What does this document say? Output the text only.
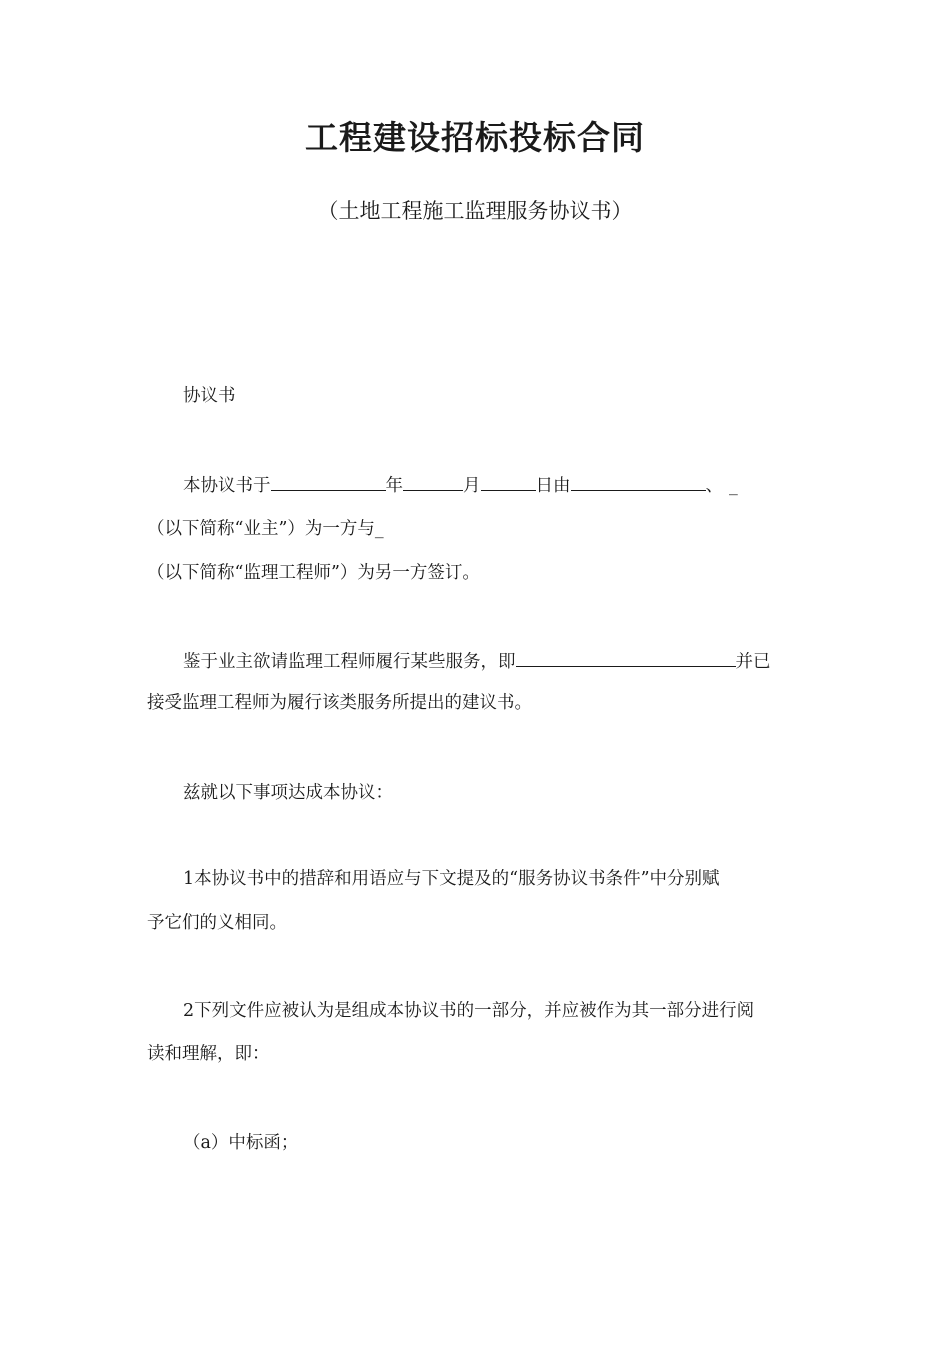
工程建设招标投标合同
（土地工程施工监理服务协议书）
协议书
本协议书于	年	月	日由	、 _
（以下简称“业主”）为一方与_
（以下简称“监理工程师”）为另一方签订。
鉴于业主欲请监理工程师履行某些服务，即	并已
接受监理工程师为履行该类服务所提出的建议书。
兹就以下事项达成本协议：
1本协议书中的措辞和用语应与下文提及的“服务协议书条件”中分别赋
予它们的义相同。
2下列文件应被认为是组成本协议书的一部分，并应被作为其一部分进行阅
读和理解，即：
（a）中标函；
